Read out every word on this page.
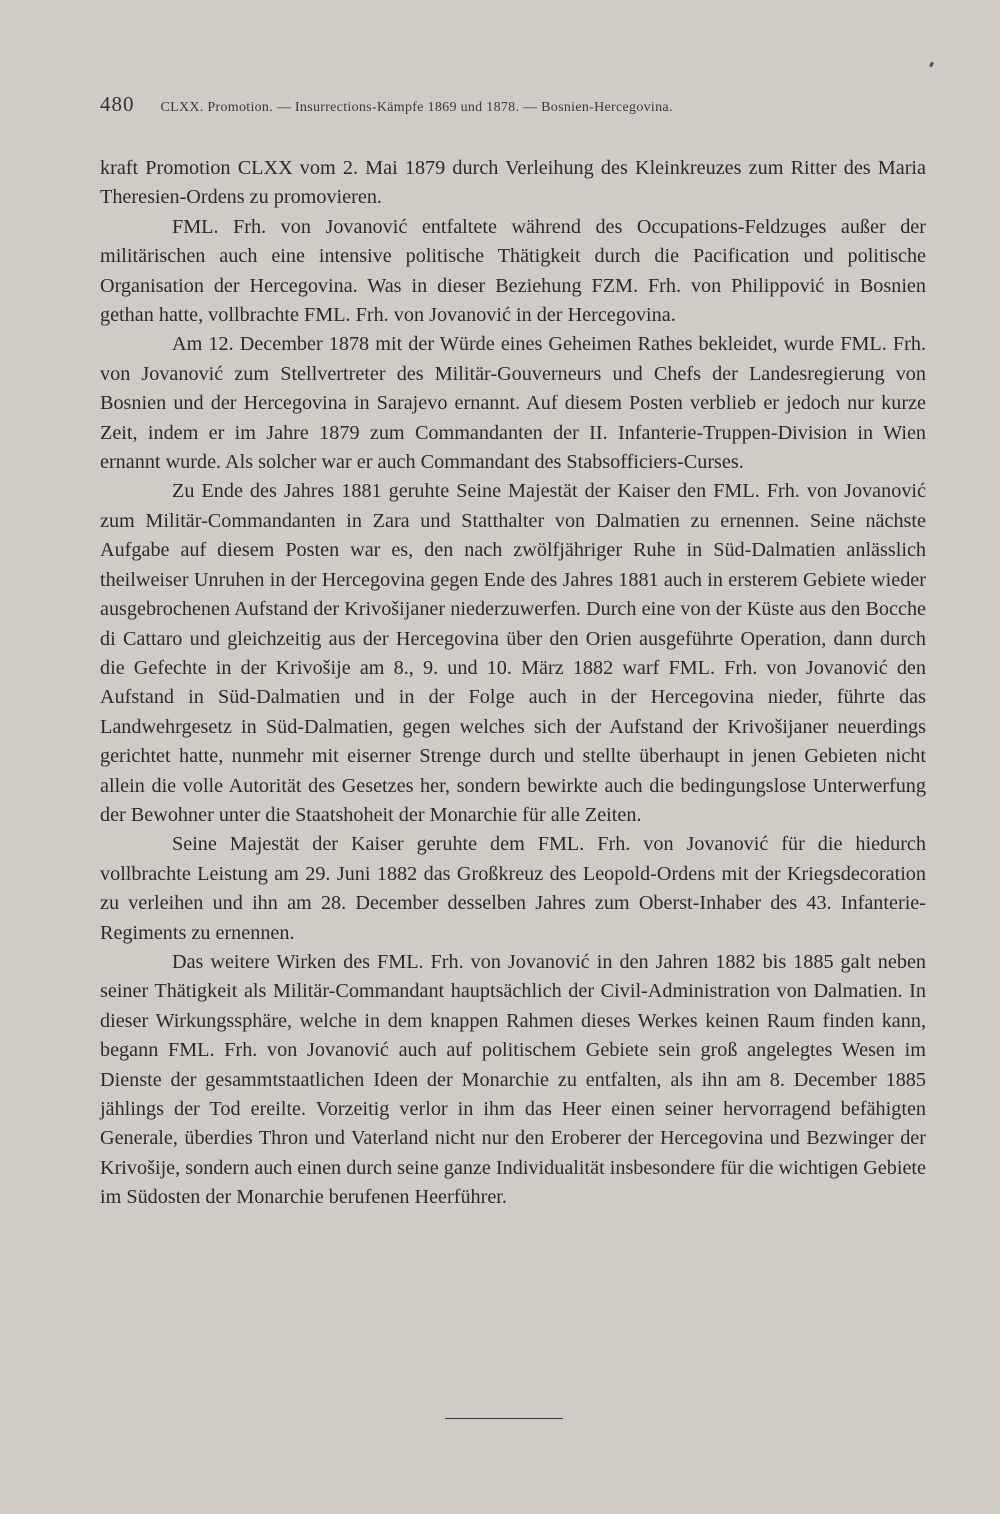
480 CLXX. Promotion. — Insurrections-Kämpfe 1869 und 1878. — Bosnien-Hercegovina.

kraft Promotion CLXX vom 2. Mai 1879 durch Verleihung des Kleinkreuzes zum Ritter des Maria Theresien-Ordens zu promovieren.

FML. Frh. von Jovanović entfaltete während des Occupations-Feldzuges außer der militärischen auch eine intensive politische Thätigkeit durch die Pacification und politische Organisation der Hercegovina. Was in dieser Beziehung FZM. Frh. von Philippović in Bosnien gethan hatte, vollbrachte FML. Frh. von Jovanović in der Hercegovina.

Am 12. December 1878 mit der Würde eines Geheimen Rathes bekleidet, wurde FML. Frh. von Jovanović zum Stellvertreter des Militär-Gouverneurs und Chefs der Landesregierung von Bosnien und der Hercegovina in Sarajevo ernannt. Auf diesem Posten verblieb er jedoch nur kurze Zeit, indem er im Jahre 1879 zum Commandanten der II. Infanterie-Truppen-Division in Wien ernannt wurde. Als solcher war er auch Commandant des Stabsofficiers-Curses.

Zu Ende des Jahres 1881 geruhte Seine Majestät der Kaiser den FML. Frh. von Jovanović zum Militär-Commandanten in Zara und Statthalter von Dalmatien zu ernennen. Seine nächste Aufgabe auf diesem Posten war es, den nach zwölfjähriger Ruhe in Süd-Dalmatien anlässlich theilweiser Unruhen in der Hercegovina gegen Ende des Jahres 1881 auch in ersterem Gebiete wieder ausgebrochenen Aufstand der Krivošijaner niederzuwerfen. Durch eine von der Küste aus den Bocche di Cattaro und gleichzeitig aus der Hercegovina über den Orien ausgeführte Operation, dann durch die Gefechte in der Krivošije am 8., 9. und 10. März 1882 warf FML. Frh. von Jovanović den Aufstand in Süd-Dalmatien und in der Folge auch in der Hercegovina nieder, führte das Landwehrgesetz in Süd-Dalmatien, gegen welches sich der Aufstand der Krivošijaner neuerdings gerichtet hatte, nunmehr mit eiserner Strenge durch und stellte überhaupt in jenen Gebieten nicht allein die volle Autorität des Gesetzes her, sondern bewirkte auch die bedingungslose Unterwerfung der Bewohner unter die Staatshoheit der Monarchie für alle Zeiten.

Seine Majestät der Kaiser geruhte dem FML. Frh. von Jovanović für die hiedurch vollbrachte Leistung am 29. Juni 1882 das Großkreuz des Leopold-Ordens mit der Kriegsdecoration zu verleihen und ihn am 28. December desselben Jahres zum Oberst-Inhaber des 43. Infanterie-Regiments zu ernennen.

Das weitere Wirken des FML. Frh. von Jovanović in den Jahren 1882 bis 1885 galt neben seiner Thätigkeit als Militär-Commandant hauptsächlich der Civil-Administration von Dalmatien. In dieser Wirkungssphäre, welche in dem knappen Rahmen dieses Werkes keinen Raum finden kann, begann FML. Frh. von Jovanović auch auf politischem Gebiete sein groß angelegtes Wesen im Dienste der gesammtstaatlichen Ideen der Monarchie zu entfalten, als ihn am 8. December 1885 jählings der Tod ereilte. Vorzeitig verlor in ihm das Heer einen seiner hervorragend befähigten Generale, überdies Thron und Vaterland nicht nur den Eroberer der Hercegovina und Bezwinger der Krivošije, sondern auch einen durch seine ganze Individualität insbesondere für die wichtigen Gebiete im Südosten der Monarchie berufenen Heerführer.
